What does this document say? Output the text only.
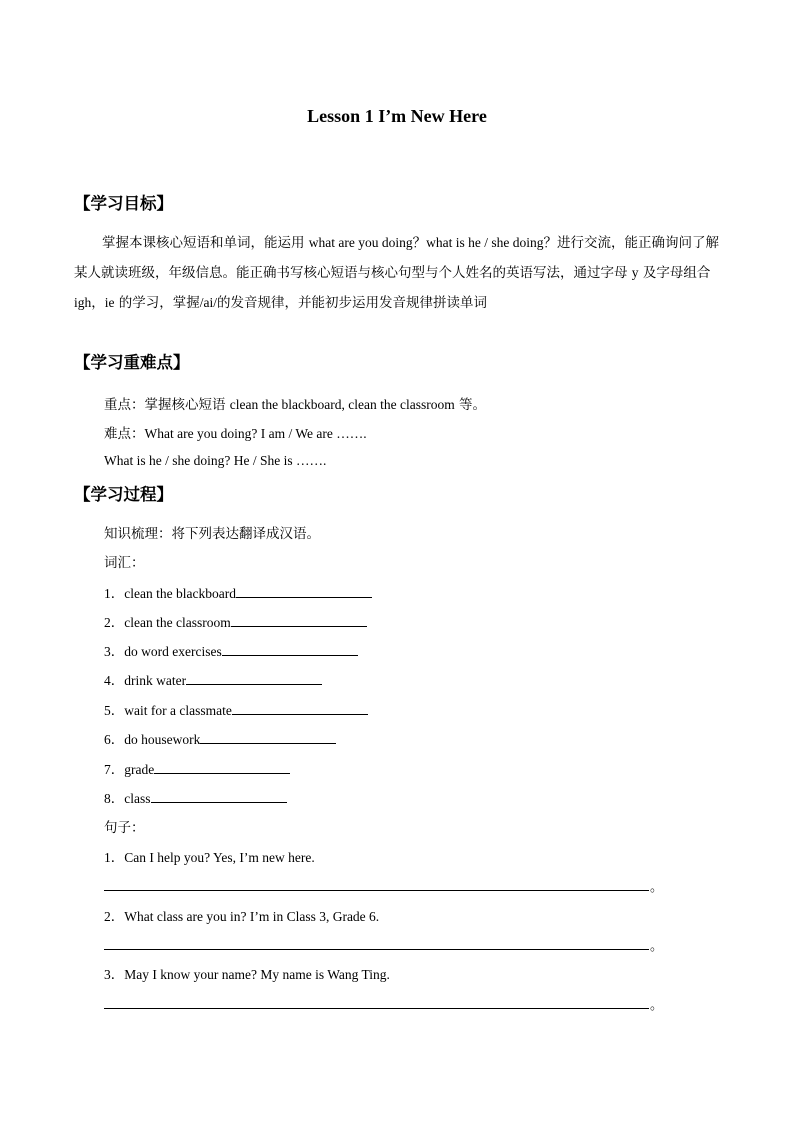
Lesson 1 I’m New Here
【学习目标】
掌握本课核心短语和单词，能运用 what are you doing？what is he / she doing？进行交流，能正确询问了解某人就读班级，年级信息。能正确书写核心短语与核心句型与个人姓名的英语写法，通过字母 y 及字母组合 igh，ie 的学习，掌握/ai/的发音规律，并能初步运用发音规律拼读单词
【学习重难点】
重点：掌握核心短语 clean the blackboard, clean the classroom 等。
难点：What are you doing? I am / We are …….
What is he / she doing? He / She is …….
【学习过程】
知识梳理：将下列表达翻译成汉语。
词汇：
1．clean the blackboard
2．clean the classroom
3．do word exercises
4．drink water
5．wait for a classmate
6．do housework
7．grade
8．class
句子：
1．Can I help you? Yes, I’m new here.
。
2．What class are you in? I’m in Class 3, Grade 6.
。
3．May I know your name? My name is Wang Ting.
。
